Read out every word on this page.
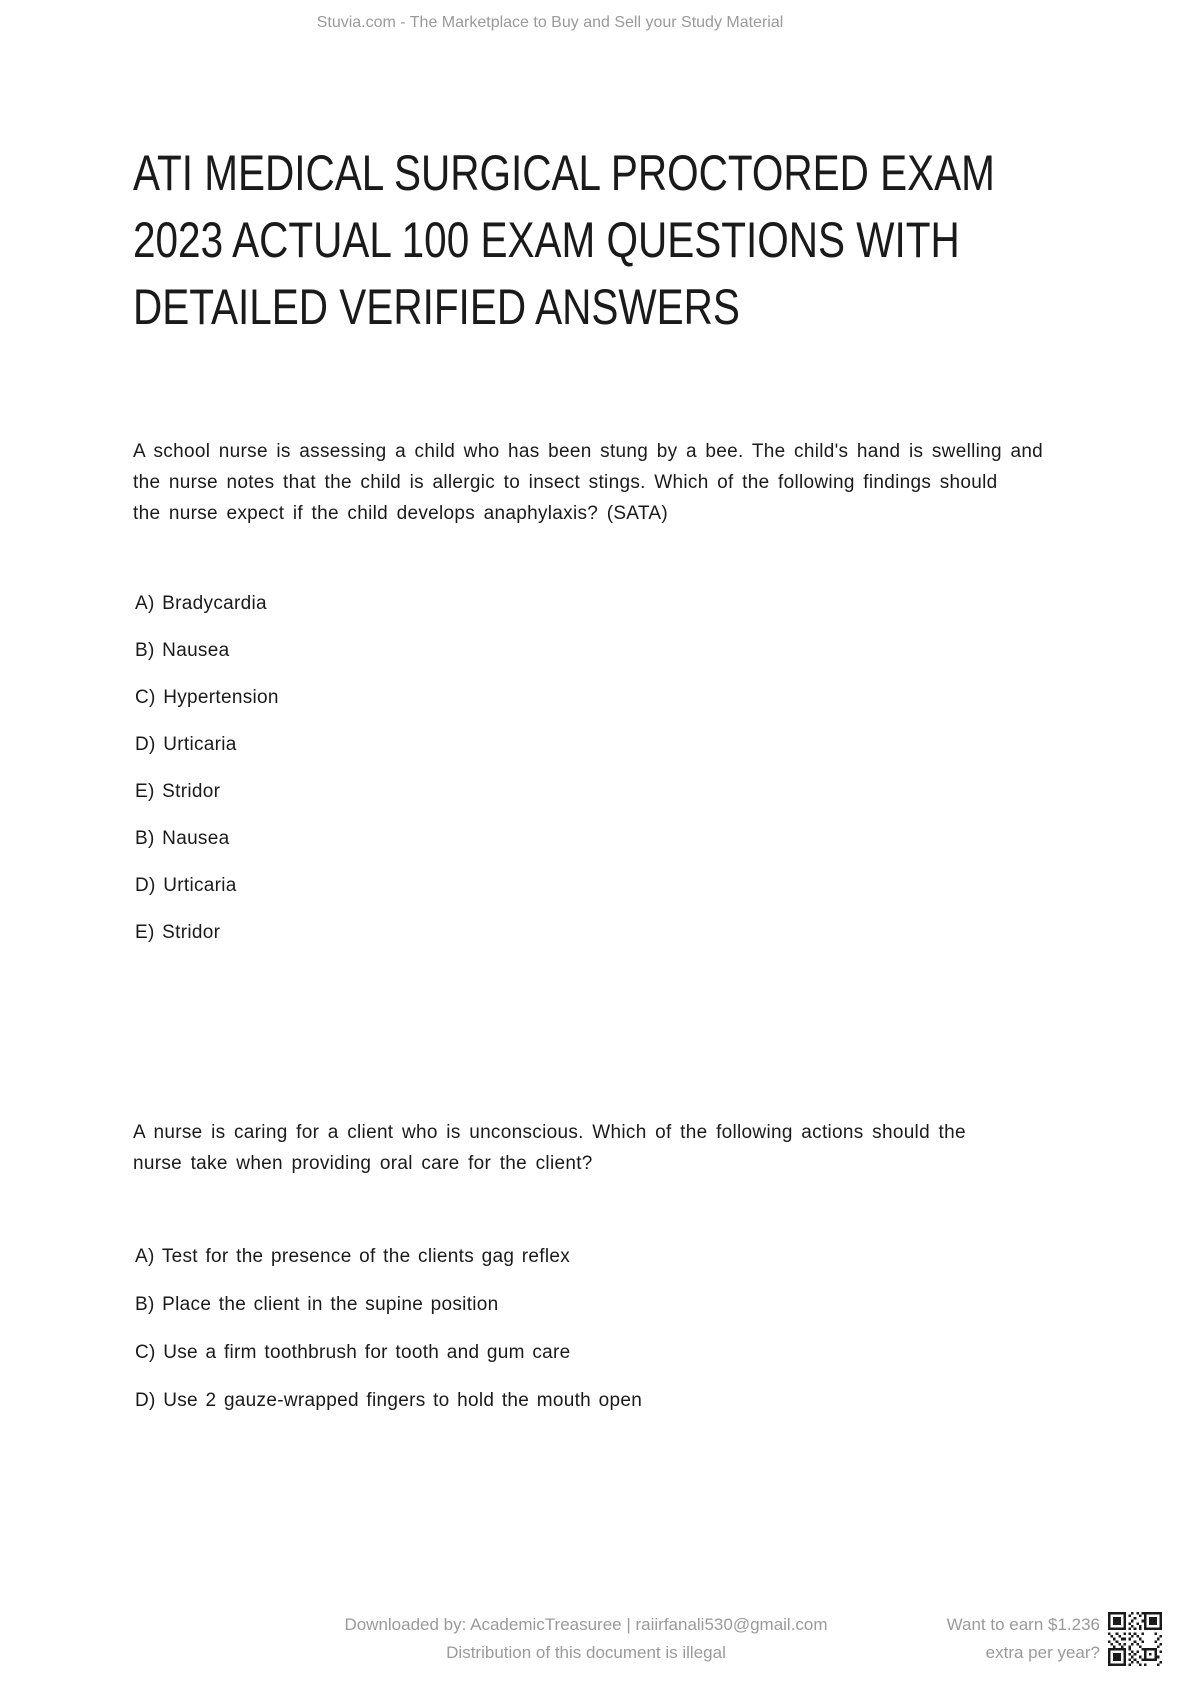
Stuvia.com - The Marketplace to Buy and Sell your Study Material
ATI MEDICAL SURGICAL PROCTORED EXAM
2023 ACTUAL 100 EXAM QUESTIONS WITH
DETAILED VERIFIED ANSWERS
A school nurse is assessing a child who has been stung by a bee. The child's hand is swelling and
the nurse notes that the child is allergic to insect stings. Which of the following findings should
the nurse expect if the child develops anaphylaxis? (SATA)
A) Bradycardia
B) Nausea
C) Hypertension
D) Urticaria
E) Stridor
B) Nausea
D) Urticaria
E) Stridor
A nurse is caring for a client who is unconscious. Which of the following actions should the
nurse take when providing oral care for the client?
A) Test for the presence of the clients gag reflex
B) Place the client in the supine position
C) Use a firm toothbrush for tooth and gum care
D) Use 2 gauze-wrapped fingers to hold the mouth open
Downloaded by: AcademicTreasuree | raiirfanali530@gmail.com
Distribution of this document is illegal
Want to earn $1.236
extra per year?
